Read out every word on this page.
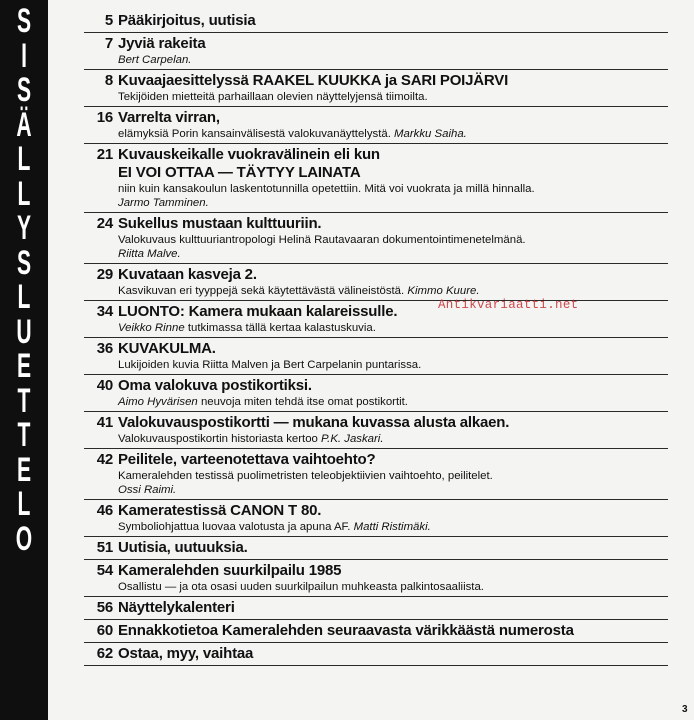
S
I
S
Ä
L
L
Y
S
L
U
E
T
T
E
L
O
5 Pääkirjoitus, uutisia
7 Jyviä rakeita
Bert Carpelan.
8 Kuvaajaesittelyssä RAAKEL KUUKKA ja SARI POIJÄRVI
Tekijöiden mietteitä parhaillaan olevien näyttelyjensä tiimoilta.
16 Varrelta virran,
elämyksiä Porin kansainvälisestä valokuvanäyttelystä. Markku Saiha.
21 Kuvauskeikalle vuokravälinein eli kun
EI VOI OTTAA — TÄYTYY LAINATA
niin kuin kansakoulun laskentotunnilla opetettiin. Mitä voi vuokrata ja millä hinnalla.
Jarmo Tamminen.
24 Sukellus mustaan kulttuuriin.
Valokuvaus kulttuuriantropologi Helinä Rautavaaran dokumentointimenetelmänä.
Riitta Malve.
29 Kuvataan kasveja 2.
Kasvikuvan eri tyyppejä sekä käytettävästä välineistöstä. Kimmo Kuure.
34 LUONTO: Kamera mukaan kalareissulle.
Veikko Rinne tutkimassa tällä kertaa kalastuskuvia.
36 KUVAKULMA.
Lukijoiden kuvia Riitta Malven ja Bert Carpelanin puntarissa.
40 Oma valokuva postikortiksi.
Aimo Hyvärisen neuvoja miten tehdä itse omat postikortit.
41 Valokuvauspostikortti — mukana kuvassa alusta alkaen.
Valokuvauspostikortin historiasta kertoo P.K. Jaskari.
42 Peilitele, varteenotettava vaihtoehto?
Kameralehden testissä puolimetristen teleobjektiivien vaihtoehto, peilitelet.
Ossi Raimi.
46 Kameratestissä CANON T 80.
Symboliohjattua luovaa valotusta ja apuna AF. Matti Ristimäki.
51 Uutisia, uutuuksia.
54 Kameralehden suurkilpailu 1985
Osallistu — ja ota osasi uuden suurkilpailun muhkeasta palkintosaaliista.
56 Näyttelykalenteri
60 Ennakkotietoa Kameralehden seuraavasta värikkäästä numerosta
62 Ostaa, myy, vaihtaa
Antikvariaatti.net
3
